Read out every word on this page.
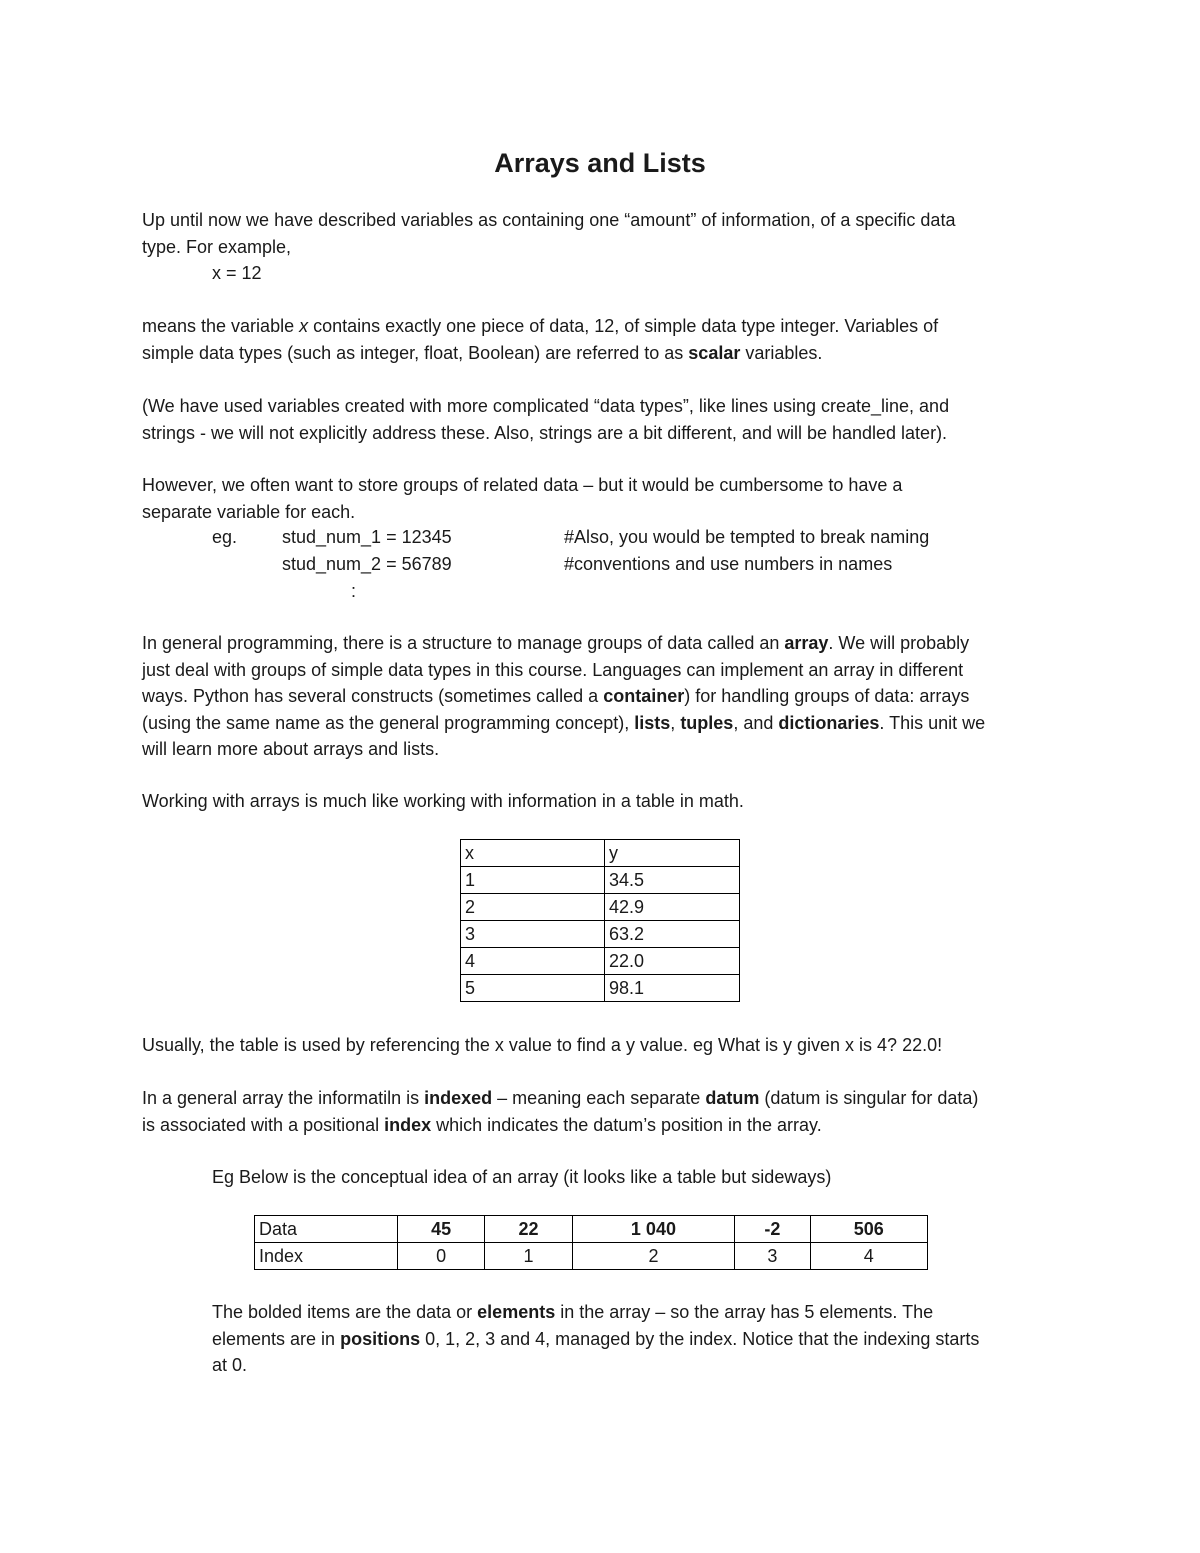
Arrays and Lists
Up until now we have described variables as containing one “amount” of information, of a specific data
type. For example,
x = 12
means the variable x contains exactly one piece of data, 12, of simple data type integer. Variables of
simple data types (such as integer, float, Boolean) are referred to as scalar variables.
(We have used variables created with more complicated “data types”, like lines using create_line, and
strings - we will not explicitly address these. Also, strings are a bit different, and will be handled later).
However, we often want to store groups of related data – but it would be cumbersome to have a
separate variable for each.
eg. stud_num_1 = 12345	#Also, you would be tempted to break naming
stud_num_2 = 56789	#conventions and use numbers in names
:
In general programming, there is a structure to manage groups of data called an array. We will probably
just deal with groups of simple data types in this course. Languages can implement an array in different
ways. Python has several constructs (sometimes called a container) for handling groups of data: arrays
(using the same name as the general programming concept), lists, tuples, and dictionaries. This unit we
will learn more about arrays and lists.
Working with arrays is much like working with information in a table in math.
x	y
1	34.5
2	42.9
3	63.2
4	22.0
5	98.1
Usually, the table is used by referencing the x value to find a y value. eg What is y given x is 4? 22.0!
In a general array the informatiln is indexed – meaning each separate datum (datum is singular for data)
is associated with a positional index which indicates the datum’s position in the array.
Eg Below is the conceptual idea of an array (it looks like a table but sideways)
Data	45	22	1 040	-2	506
Index	0	1	2	3	4
The bolded items are the data or elements in the array – so the array has 5 elements. The
elements are in positions 0, 1, 2, 3 and 4, managed by the index. Notice that the indexing starts
at 0.
